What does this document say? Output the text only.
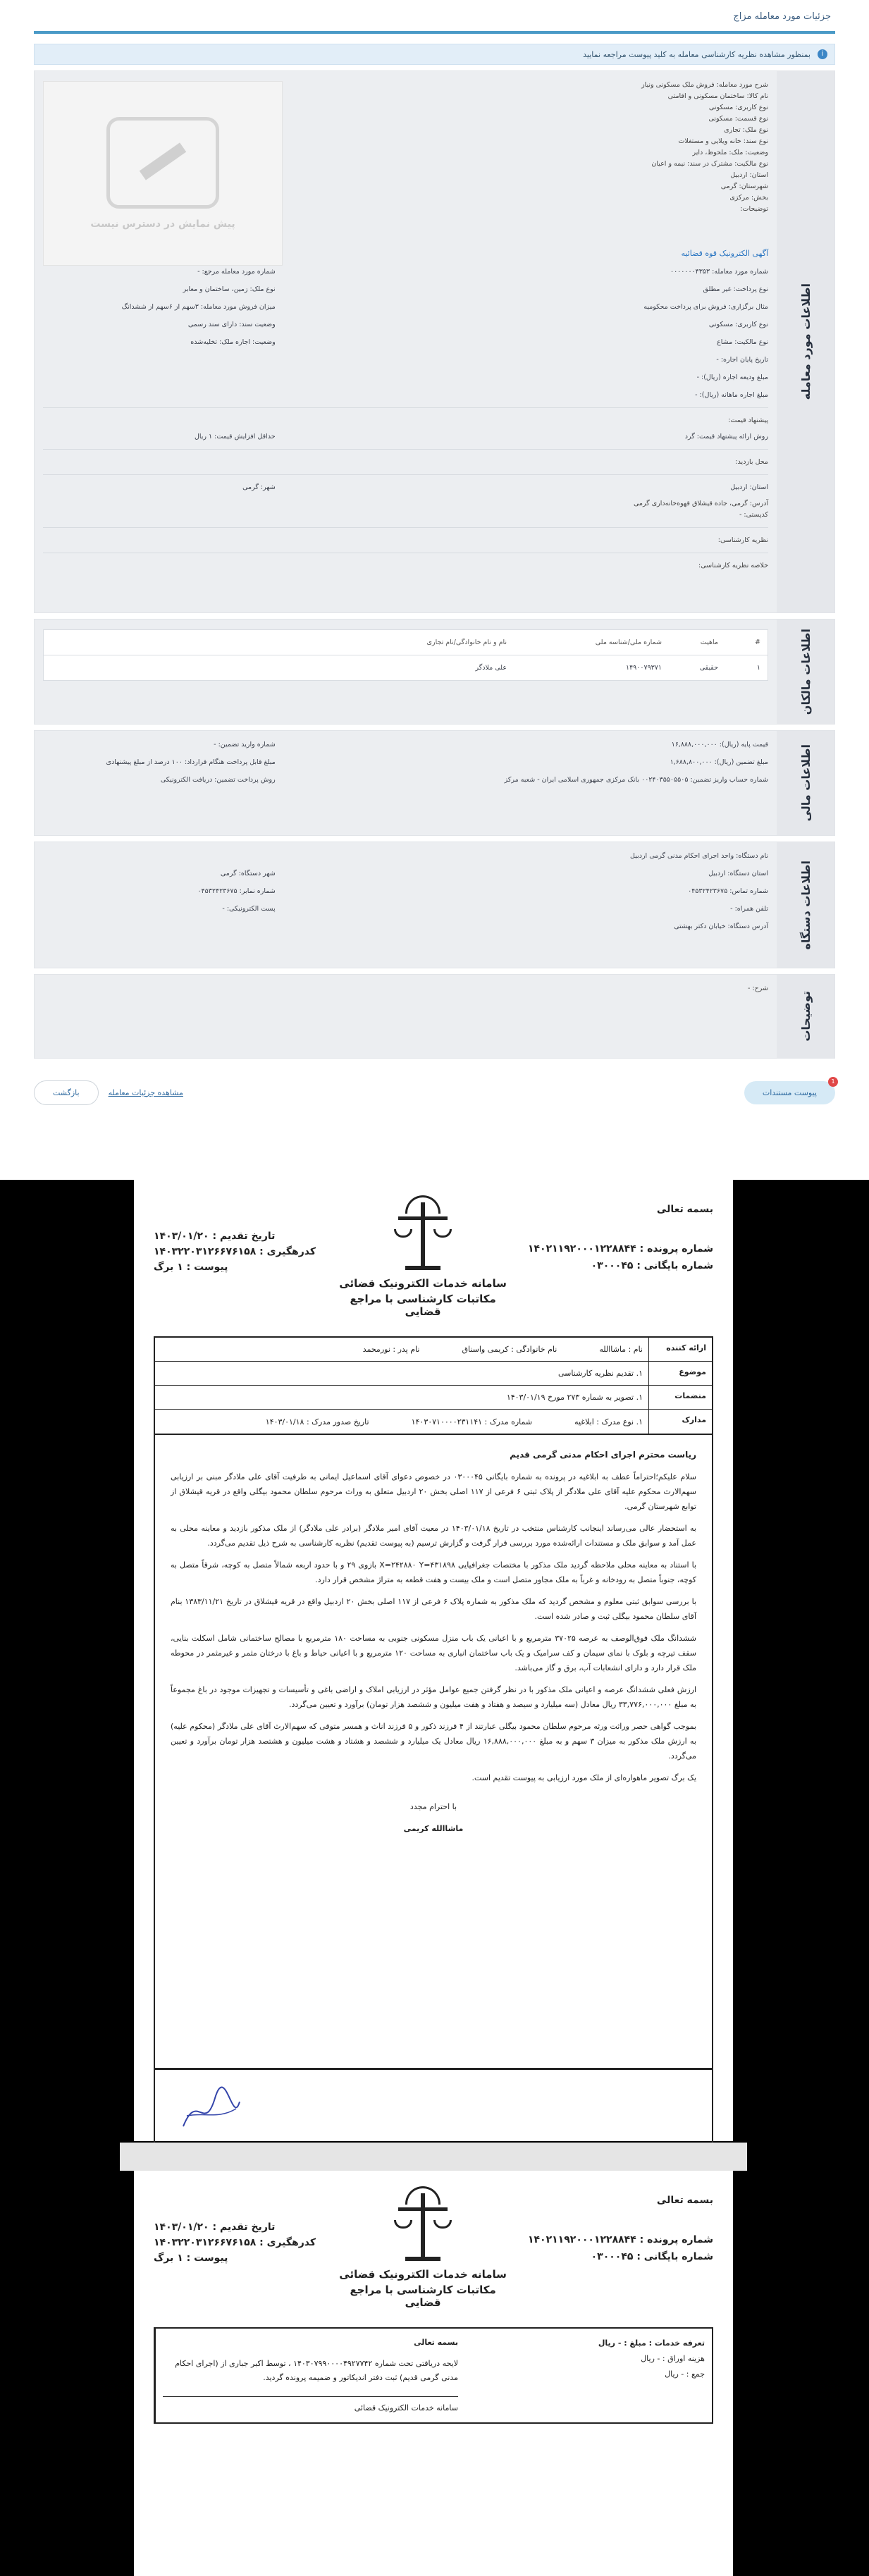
جزئیات مورد معامله مزاج
i
بمنظور مشاهده نظریه کارشناسی معامله به کلید پیوست مراجعه نمایید
اطلاعات مورد معامله
شرح مورد معامله: فروش ملک مسکونی ونیاز
نام کالا: ساختمان مسکونی و اقامتی
نوع کاربری: مسکونی
نوع قسمت: مسکونی
نوع ملک: تجاری
نوع سند: خانه ویلایی و مستغلات
وضعیت: ملک: ملحوظ، دایر
نوع مالکیت: مشترک در سند: نیمه و اعیان
استان: اردبیل
شهرستان: گرمی
بخش: مرکزی
توضیحات:
پیش نمایش در دسترس نیست
آگهی الکترونیک قوه قضائیه
شماره مورد معامله: ۰۰۰۰۰۰۰۴۳۵۳
شماره مورد معامله مرجع: -
نوع پرداخت: غیر مطلق
نوع ملک: زمین، ساختمان و معابر
مثال برگزاری: فروش برای پرداخت محکومیه
میزان فروش مورد معامله: ۳سهم از ۶سهم از ششدانگ
نوع کاربری: مسکونی
وضعیت سند: دارای سند رسمی
نوع مالکیت: مشاع
وضعیت: اجاره ملک: تخلیه‌شده
تاریخ پایان اجاره: -
مبلغ ودیعه اجاره (ریال): -
مبلغ اجاره ماهانه (ریال): -
پیشنهاد قیمت:
روش ارائه پیشنهاد قیمت: گرد
حداقل افزایش قیمت: ۱ ریال
محل بازدید:
استان: اردبیل
شهر: گرمی
آدرس: گرمی، جاده قیشلاق قهوه‌خانه‌داری گرمی
کدپستی: -
نظریه کارشناسی:
خلاصه نظریه کارشناسی:
اطلاعات مالکان
#
ماهیت
شماره ملی/شناسه ملی
نام و نام خانوادگی/نام تجاری
۱
حقیقی
۱۴۹۰۰۷۹۳۷۱
علی ملادگر
اطلاعات مالی
قیمت پایه (ریال): ۱۶,۸۸۸,۰۰۰,۰۰۰
شماره وارید تضمین: -
مبلغ تضمین (ریال): ۱,۶۸۸,۸۰۰,۰۰۰
مبلغ قابل پرداخت هنگام قرارداد: ۱۰۰ درصد از مبلغ پیشنهادی
شماره حساب واریز تضمین: ۰۰۲۴۰۳۵۵۰۵۵۰۵ بانک مرکزی جمهوری اسلامی ایران - شعبه مرکز
روش پرداخت تضمین: دریافت الکترونیکی
اطلاعات دستگاه
نام دستگاه: واحد اجرای احکام مدنی گرمی اردبیل
استان دستگاه: اردبیل
شهر دستگاه: گرمی
شماره تماس: ۰۴۵۳۲۴۲۳۶۷۵
شماره نمابر: ۰۴۵۳۲۴۲۳۶۷۵
تلفن همراه: -
پست الکترونیکی: -
آدرس دستگاه: خیابان دکتر بهشتی
توضیحات
شرح: -
1
پیوست مستندات
مشاهده جزئیات معامله
بازگشت
بسمه تعالی
شماره پرونده : ۱۴۰۲۱۱۹۲۰۰۰۱۲۲۸۸۴۴
شماره بایگانی : ۰۳۰۰۰۴۵
سامانه خدمات الکترونیک قضائی
مکاتبات کارشناسی با مراجع قضایی
تاریخ تقدیم : ۱۴۰۳/۰۱/۲۰
کدرهگیری : ۱۴۰۳۲۲۰۳۱۲۶۶۷۶۱۵۸
پیوست : ۱ برگ
ارائه کننده
نام : ماشاالله
نام خانوادگی : کریمی واسناق
نام پدر : نورمحمد
موضوع
۱. تقدیم نظریه کارشناسی
منضمات
۱. تصویر به شماره ۲۷۳ مورخ ۱۴۰۳/۰۱/۱۹
مدارک
۱. نوع مدرک : ابلاغیه
شماره مدرک : ۱۴۰۳۰۷۱۰۰۰۰۲۳۱۱۴۱
تاریخ صدور مدرک : ۱۴۰۳/۰۱/۱۸

ریاست محترم اجرای احکام مدنی گرمی قدیم

سلام علیکم؛احتراماً عطف به ابلاغیه در پرونده به شماره بایگانی ۰۳۰۰۰۴۵ در خصوص دعوای آقای اسماعیل ایمانی به طرفیت آقای علی ملادگر مبنی بر ارزیابی سهم‌الارث محکوم علیه آقای علی ملادگر از پلاک ثبتی ۶ فرعی از ۱۱۷ اصلی بخش ۲۰ اردبیل متعلق به وراث مرحوم سلطان محمود بیگلی واقع در قریه قیشلاق از توابع شهرستان گرمی.

به استحضار عالی می‌رساند اینجانب کارشناس منتخب در تاریخ ۱۴۰۳/۰۱/۱۸ در معیت آقای امیر ملادگر (برادر علی ملادگر) از ملک مذکور بازدید و معاینه محلی به عمل آمد و سوابق ملک و مستندات ارائه‌شده مورد بررسی قرار گرفت و گزارش ترسیم (به پیوست تقدیم) نظریه کارشناسی به شرح ذیل تقدیم می‌گردد.

با استناد به معاینه محلی ملاحظه گردید ملک مذکور با مختصات جغرافیایی X=۲۴۲۸۸۰ Y=۴۳۱۸۹۸ بازوی ۲۹ و با حدود اربعه شمالاً متصل به کوچه، شرقاً متصل به کوچه، جنوباً متصل به رودخانه و غرباً به ملک مجاور متصل است و ملک بیست و هفت قطعه به متراژ مشخص قرار دارد.

با بررسی سوابق ثبتی معلوم و مشخص گردید که ملک مذکور به شماره پلاک ۶ فرعی از ۱۱۷ اصلی بخش ۲۰ اردبیل واقع در قریه قیشلاق در تاریخ ۱۳۸۳/۱۱/۲۱ بنام آقای سلطان محمود بیگلی ثبت و صادر شده است.

ششدانگ ملک فوق‌الوصف به عرصه ۳۷۰۲۵ مترمربع و با اعیانی یک باب منزل مسکونی جنوبی به مساحت ۱۸۰ مترمربع با مصالح ساختمانی شامل اسکلت بنایی، سقف تیرچه و بلوک با نمای سیمان و کف سرامیک و یک باب ساختمان انباری به مساحت ۱۲۰ مترمربع و با اعیانی حیاط و باغ با درختان مثمر و غیرمثمر در محوطه ملک قرار دارد و دارای انشعابات آب، برق و گاز می‌باشد.

ارزش فعلی ششدانگ عرصه و اعیانی ملک مذکور با در نظر گرفتن جمیع عوامل مؤثر در ارزیابی املاک و اراضی باغی و تأسیسات و تجهیزات موجود در باغ مجموعاً به مبلغ ۳۳,۷۷۶,۰۰۰,۰۰۰ ریال معادل (سه میلیارد و سیصد و هفتاد و هفت میلیون و ششصد هزار تومان) برآورد و تعیین می‌گردد.

بموجب گواهی حصر وراثت ورثه مرحوم سلطان محمود بیگلی عبارتند از ۴ فرزند ذکور و ۵ فرزند اناث و همسر متوفی که سهم‌الارث آقای علی ملادگر (محکوم علیه) به ارزش ملک مذکور به میزان ۳ سهم و به مبلغ ۱۶,۸۸۸,۰۰۰,۰۰۰ ریال معادل یک میلیارد و ششصد و هشتاد و هشت میلیون و هشتصد هزار تومان برآورد و تعیین می‌گردد.

یک برگ تصویر ماهواره‌ای از ملک مورد ارزیابی به پیوست تقدیم است.

با احترام مجدد

ماشاالله کریمی

بسمه تعالی
شماره پرونده : ۱۴۰۲۱۱۹۲۰۰۰۱۲۲۸۸۴۴
شماره بایگانی : ۰۳۰۰۰۴۵
سامانه خدمات الکترونیک قضائی
مکاتبات کارشناسی با مراجع قضایی
تاریخ تقدیم : ۱۴۰۳/۰۱/۲۰
کدرهگیری : ۱۴۰۳۲۲۰۳۱۲۶۶۷۶۱۵۸
پیوست : ۱ برگ
تعرفه خدمات : مبلغ : - ریال
هزینه اوراق : - ریال
جمع : - ریال
بسمه تعالی
لایحه دریافتی تحت شماره ۱۴۰۳۰۷۹۹۰۰۰۰۴۹۲۷۷۴۲ ، توسط اکبر جباری از (اجرای احکام مدنی گرمی قدیم) ثبت دفتر اندیکاتور و ضمیمه پرونده گردید.
سامانه خدمات الکترونیک قضائی
